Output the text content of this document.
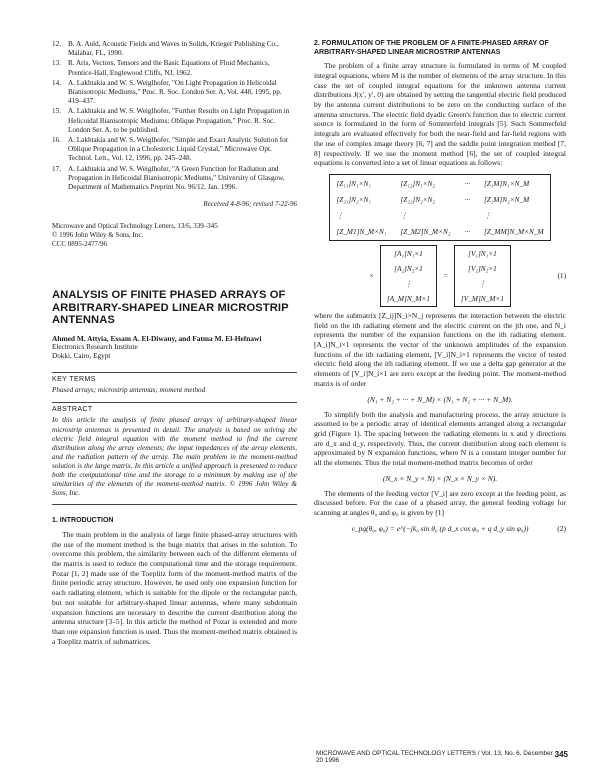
12. B. A. Auld, Acoustic Fields and Waves in Solids, Krieger Publishing Co., Malabar, FL, 1990.
13. R. Aris, Vectors, Tensors and the Basic Equations of Fluid Mechanics, Prentice-Hall, Englewood Cliffs, NJ, 1962.
14. A. Lakhtakia and W. S. Weiglhofer, "On Light Propagation in Helicoidal Bianisotropic Mediums," Proc. R. Soc. London Ser. A, Vol. 448, 1995, pp. 419–437.
15. A. Lakhtakia and W. S. Weiglhofer, "Further Results on Light Propagation in Helicoidal Bianisotropic Mediums: Oblique Propagation," Proc. R. Soc. London Ser. A, to be published.
16. A. Lakhtakia and W. S. Weiglhofer, "Simple and Exact Analytic Solution for Oblique Propagation in a Cholesteric Liquid Crystal," Microwave Opt. Technol. Lett., Vol. 12, 1996, pp. 245–248.
17. A. Lakhtakia and W. S. Weiglhofer, "A Green Function for Radiation and Propagation in Helicoidal Bianisotropic Mediums," University of Glasgow, Department of Mathematics Preprint No. 96/12, Jan. 1996.
Received 4-8-96; revised 7-22-96
Microwave and Optical Technology Letters, 13/6, 339–345
© 1996 John Wiley & Sons, Inc.
CCC 0895-2477/96
ANALYSIS OF FINITE PHASED ARRAYS OF ARBITRARY-SHAPED LINEAR MICROSTRIP ANTENNAS
Ahmed M. Attyia, Essam A. El-Diwany, and Fatma M. El-Hefnawi
Electronics Research Institute
Dokki, Cairo, Egypt
KEY TERMS
Phased arrays; microstrip antennas; moment method
ABSTRACT
In this article the analysis of finite phased arrays of arbitrary-shaped linear microstrip antennas is presented in detail. The analysis is based on solving the electric field integral equation with the moment method to find the current distribution along the array elements; the input impedances of the array elements, and the radiation pattern of the array. The main problem in the moment-method solution is the large matrix. In this article a unified approach is presented to reduce both the computational time and the storage to a minimum by making use of the similarities of the elements of the moment-method matrix. © 1996 John Wiley & Sons, Inc.
1. INTRODUCTION
The main problem in the analysis of large finite phased-array structures with the use of the moment method is the huge matrix that arises in the solution. To overcome this problem, the similarity between each of the different elements of the matrix is used to reduce the computational time and the storage requirement. Pozar [1, 2] made use of the Toeplitz form of the moment-method matrix of the finite periodic array structure. However, he used only one expansion function for each radiating element, which is suitable for the dipole or the rectangular patch, but not suitable for arbitrary-shaped linear antennas, where many subdomain expansion functions are necessary to describe the current distribution along the antenna structure [3–5]. In this article the method of Pozar is extended and more than one expansion function is used. Thus the moment-method matrix obtained is a Toeplitz matrix of submatrices.
2. FORMULATION OF THE PROBLEM OF A FINITE-PHASED ARRAY OF ARBITRARY-SHAPED LINEAR MICROSTRIP ANTENNAS
The problem of a finite array structure is formulated in terms of M coupled integral equations, where M is the number of elements of the array structure. In this case the set of coupled integral equations for the unknown antenna current distributions J(x′, y′, 0) are obtained by setting the tangential electric field produced by the antenna current distributions to be zero on the conducting surface of the antenna structures. The electric field dyadic Green's function due to electric current source is formulated in the form of Sommerfeld integrals [5]. Such Sommerfeld integrals are evaluated effectively for both the near-field and far-field regions with the use of complex image theory [6, 7] and the saddle point integration method [7, 8] respectively. If we use the moment method [6], the set of coupled integral equations is converted into a set of linear equations as follows:
[Z₁₁]N₁×N₁	[Z₁₂]N₁×N₂	··· [Z₁M]N₁×N_M
[Z₂₁]N₂×N₁	[Z₂₂]N₂×N₂	··· [Z₂M]N₂×N_M
⋮	⋮	⋮
[Z_M1]N_M×N₁ [Z_M2]N_M×N₂ ··· [Z_MM]N_M×N_M
×
[A₁]N₁×1
[A₂]N₂×1
⋮
[A_M]N_M×1
=
[V₁]N₁×1
[V₂]N₂×1
⋮
[V_M]N_M×1
(1)
where the submatrix [Z_ij]N_i×N_j represents the interaction between the electric field on the ith radiating element and the electric current on the jth one, and N_i represents the number of the expansion functions on the ith radiating element. [A_i]N_i×1 represents the vector of the unknown amplitudes of the expansion functions of the ith radiating element, [V_i]N_i×1 represents the vector of tested electric field along the ith radiating element. If we use a delta gap generator at the elements of [V_i]N_i×1 are zero except at the feeding point. The moment-method matrix is of order
(N₁ + N₂ + ··· + N_M) × (N₁ + N₂ + ··· + N_M).
To simplify both the analysis and manufacturing process, the array structure is assumed to be a periodic array of identical elements arranged along a rectangular grid (Figure 1). The spacing between the radiating elements in x and y directions are d_x and d_y, respectively. Thus, the current distribution along each element is approximated by N expansion functions, where N is a constant integer number for all the elements. Thus the total moment-method matrix becomes of order
(N_x × N_y × N) × (N_x × N_y × N).
The elements of the feeding vector [V_i] are zero except at the feeding point, as discussed before. For the case of a phased array, the general feeding voltage for scanning at angles θ₀ and φ₀ is given by [1]
v_pq(θ₀, φ₀) = e^(−jk₀ sin θ₀ (p d_x cos φ₀ + q d_y sin φ₀))	(2)
MICROWAVE AND OPTICAL TECHNOLOGY LETTERS / Vol. 13, No. 6, December 20 1996
345
